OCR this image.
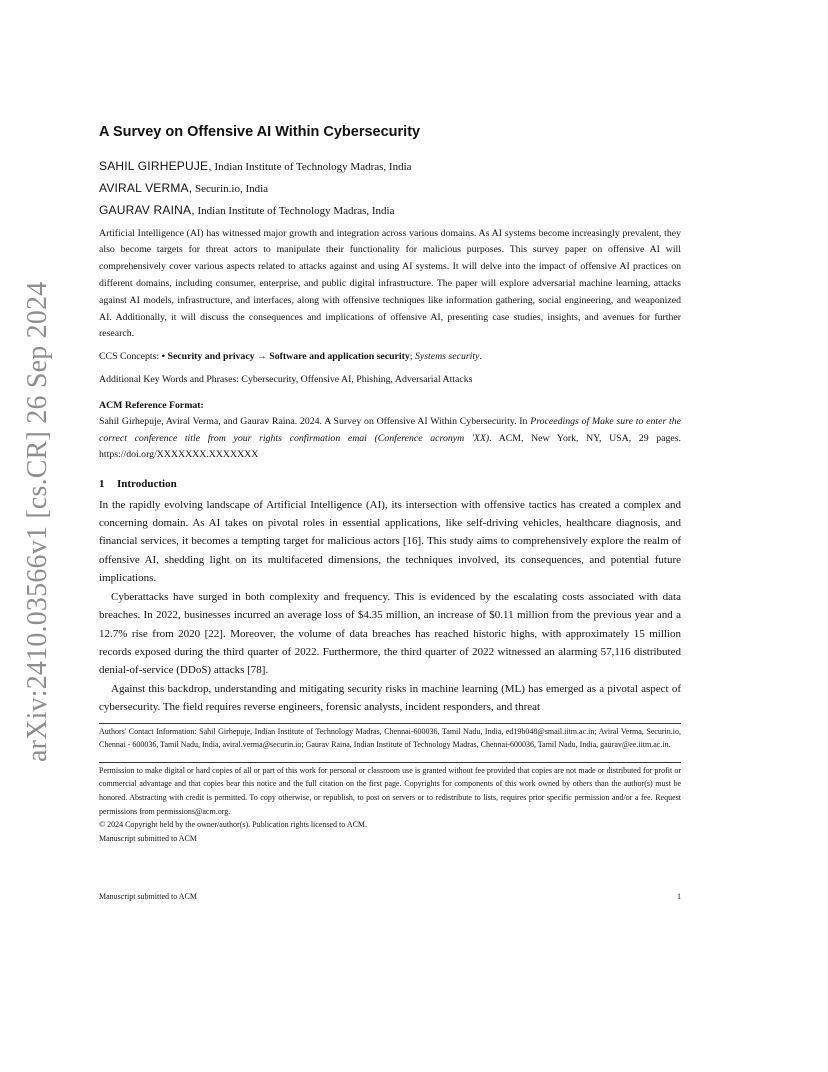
arXiv:2410.03566v1 [cs.CR] 26 Sep 2024
A Survey on Offensive AI Within Cybersecurity
SAHIL GIRHEPUJE, Indian Institute of Technology Madras, India
AVIRAL VERMA, Securin.io, India
GAURAV RAINA, Indian Institute of Technology Madras, India

Artificial Intelligence (AI) has witnessed major growth and integration across various domains. As AI systems become increasingly prevalent, they also become targets for threat actors to manipulate their functionality for malicious purposes. This survey paper on offensive AI will comprehensively cover various aspects related to attacks against and using AI systems. It will delve into the impact of offensive AI practices on different domains, including consumer, enterprise, and public digital infrastructure. The paper will explore adversarial machine learning, attacks against AI models, infrastructure, and interfaces, along with offensive techniques like information gathering, social engineering, and weaponized AI. Additionally, it will discuss the consequences and implications of offensive AI, presenting case studies, insights, and avenues for further research.

CCS Concepts: • Security and privacy → Software and application security; Systems security.

Additional Key Words and Phrases: Cybersecurity, Offensive AI, Phishing, Adversarial Attacks

ACM Reference Format:

Sahil Girhepuje, Aviral Verma, and Gaurav Raina. 2024. A Survey on Offensive AI Within Cybersecurity. In Proceedings of Make sure to enter the correct conference title from your rights confirmation emai (Conference acronym 'XX). ACM, New York, NY, USA, 29 pages. https://doi.org/XXXXXXX.XXXXXXX

1 Introduction

In the rapidly evolving landscape of Artificial Intelligence (AI), its intersection with offensive tactics has created a complex and concerning domain. As AI takes on pivotal roles in essential applications, like self-driving vehicles, healthcare diagnosis, and financial services, it becomes a tempting target for malicious actors [16]. This study aims to comprehensively explore the realm of offensive AI, shedding light on its multifaceted dimensions, the techniques involved, its consequences, and potential future implications.

Cyberattacks have surged in both complexity and frequency. This is evidenced by the escalating costs associated with data breaches. In 2022, businesses incurred an average loss of $4.35 million, an increase of $0.11 million from the previous year and a 12.7% rise from 2020 [22]. Moreover, the volume of data breaches has reached historic highs, with approximately 15 million records exposed during the third quarter of 2022. Furthermore, the third quarter of 2022 witnessed an alarming 57,116 distributed denial-of-service (DDoS) attacks [78].

Against this backdrop, understanding and mitigating security risks in machine learning (ML) has emerged as a pivotal aspect of cybersecurity. The field requires reverse engineers, forensic analysts, incident responders, and threat

Authors' Contact Information: Sahil Girhepuje, Indian Institute of Technology Madras, Chennai-600036, Tamil Nadu, India, ed19b048@smail.iitm.ac.in; Aviral Verma, Securin.io, Chennai - 600036, Tamil Nadu, India, aviral.verma@securin.io; Gaurav Raina, Indian Institute of Technology Madras, Chennai-600036, Tamil Nadu, India, gaurav@ee.iitm.ac.in.

Permission to make digital or hard copies of all or part of this work for personal or classroom use is granted without fee provided that copies are not made or distributed for profit or commercial advantage and that copies bear this notice and the full citation on the first page. Copyrights for components of this work owned by others than the author(s) must be honored. Abstracting with credit is permitted. To copy otherwise, or republish, to post on servers or to redistribute to lists, requires prior specific permission and/or a fee. Request permissions from permissions@acm.org.

© 2024 Copyright held by the owner/author(s). Publication rights licensed to ACM.

Manuscript submitted to ACM

Manuscript submitted to ACM	1
